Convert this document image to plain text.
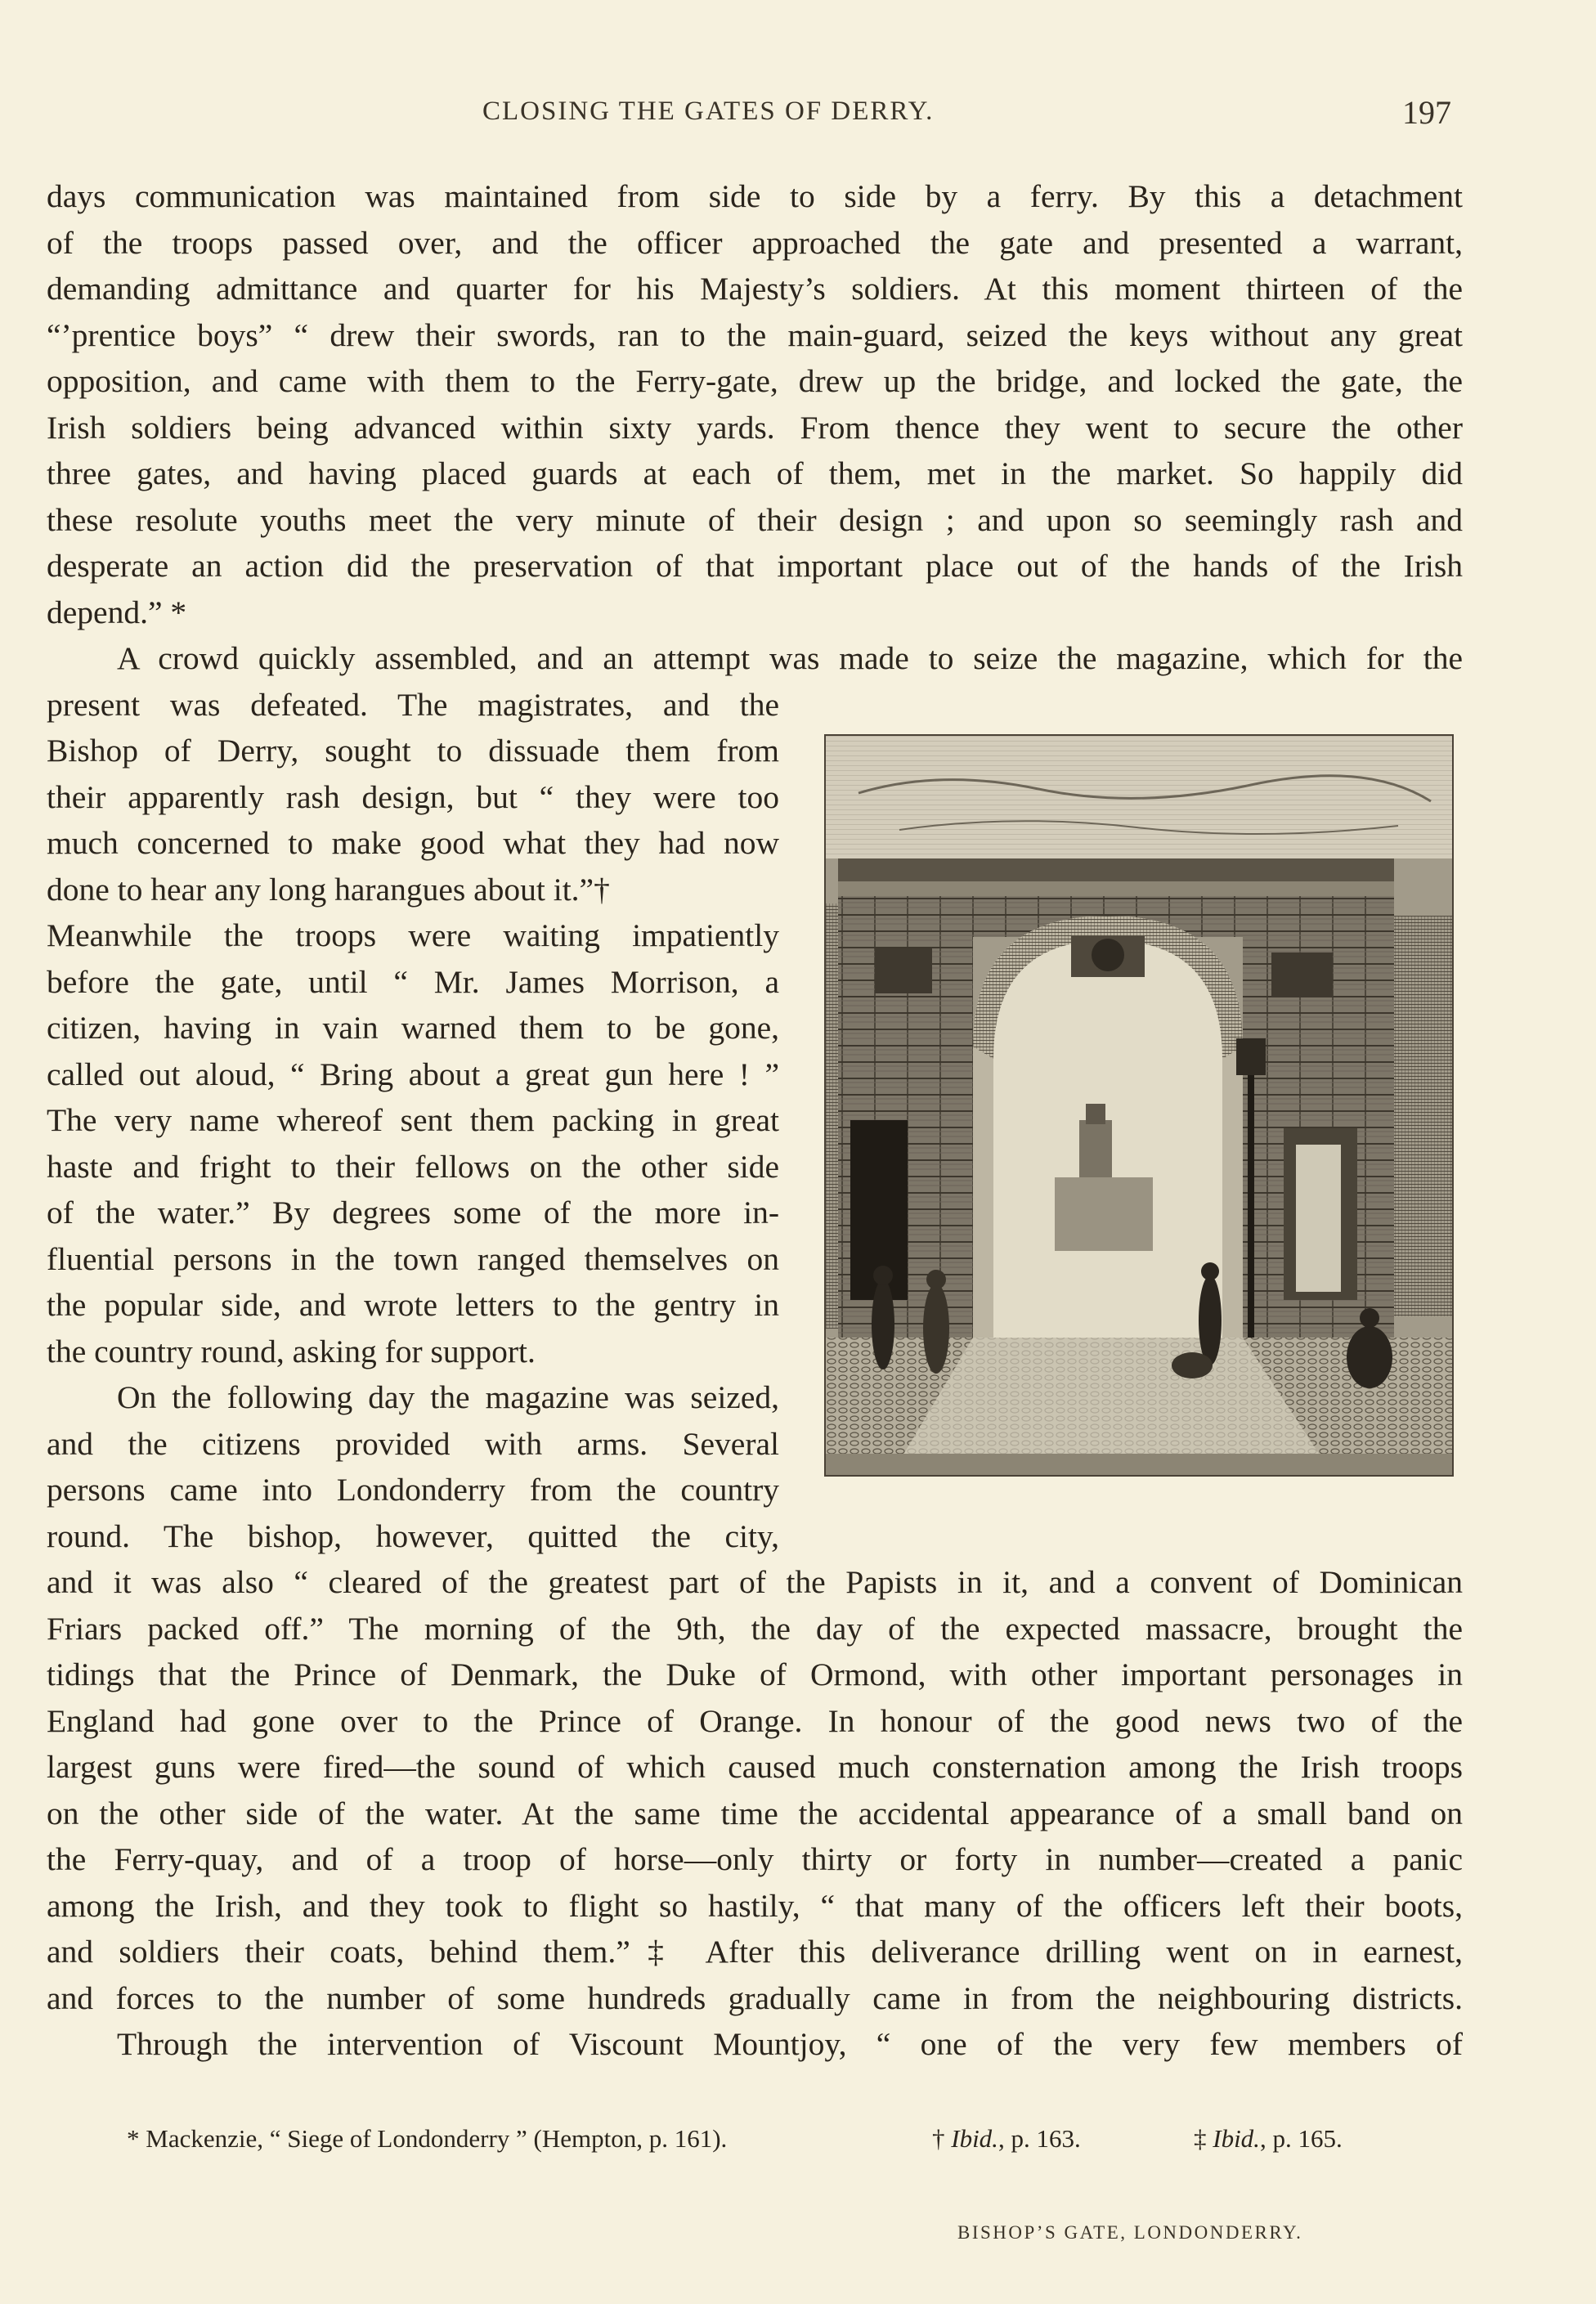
CLOSING THE GATES OF DERRY.	197
days communication was maintained from side to side by a ferry. By this a detachment
of the troops passed over, and the officer approached the gate and presented a warrant,
demanding admittance and quarter for his Majesty’s soldiers. At this moment thirteen of the
“’prentice boys” “ drew their swords, ran to the main-guard, seized the keys without any great
opposition, and came with them to the Ferry-gate, drew up the bridge, and locked the gate, the
Irish soldiers being advanced within sixty yards. From thence they went to secure the other
three gates, and having placed guards at each of them, met in the market. So happily did
these resolute youths meet the very minute of their design ; and upon so seemingly rash and
desperate an action did the preservation of that important place out of the hands of the Irish
depend.” *
A crowd quickly assembled, and an attempt was made to seize the magazine, which for the
present was defeated. The magistrates, and the
Bishop of Derry, sought to dissuade them from
their apparently rash design, but “ they were too
much concerned to make good what they had now
done to hear any long harangues about it.”†
Meanwhile the troops were waiting impatiently
before the gate, until “ Mr. James Morrison, a
citizen, having in vain warned them to be gone,
called out aloud, “ Bring about a great gun here ! ”
The very name whereof sent them packing in great
haste and fright to their fellows on the other side
of the water.” By degrees some of the more in-
fluential persons in the town ranged themselves on
the popular side, and wrote letters to the gentry in
the country round, asking for support.
On the following day the magazine was seized,
and the citizens provided with arms. Several
persons came into Londonderry from the country
round. The bishop, however, quitted the city,
and it was also “ cleared of the greatest part of the Papists in it, and a convent of Dominican
Friars packed off.” The morning of the 9th, the day of the expected massacre, brought the
tidings that the Prince of Denmark, the Duke of Ormond, with other important personages in
England had gone over to the Prince of Orange. In honour of the good news two of the
largest guns were fired—the sound of which caused much consternation among the Irish troops
on the other side of the water. At the same time the accidental appearance of a small band on
the Ferry-quay, and of a troop of horse—only thirty or forty in number—created a panic
among the Irish, and they took to flight so hastily, “ that many of the officers left their boots,
and soldiers their coats, behind them.”‡ After this deliverance drilling went on in earnest,
and forces to the number of some hundreds gradually came in from the neighbouring districts.
Through the intervention of Viscount Mountjoy, “ one of the very few members of
BISHOP’S GATE, LONDONDERRY.
* Mackenzie, “ Siege of Londonderry ” (Hempton, p. 161).	† Ibid., p. 163.	‡ Ibid., p. 165.
